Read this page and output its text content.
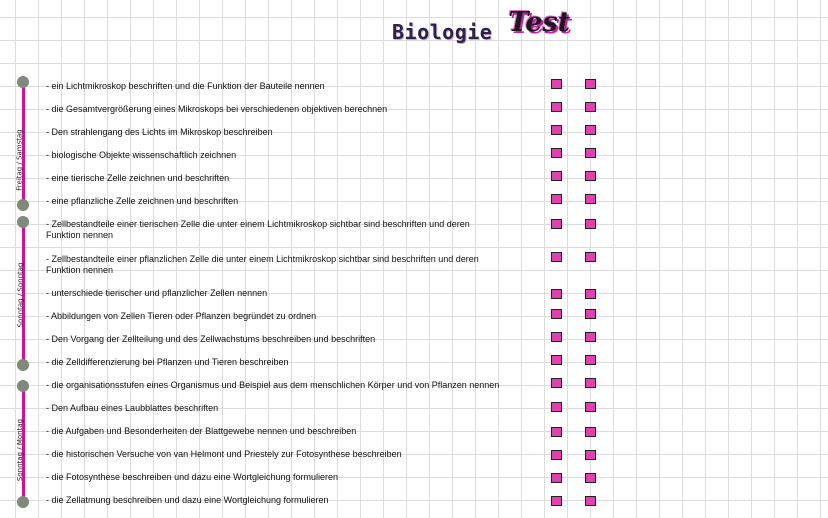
Biologie Test
Freitag / Samstag
Sonntag / Sonntag
Sonntag / Montag
- ein Lichtmikroskop beschriften und die Funktion der Bauteile nennen
- die Gesamtvergrößerung eines Mikroskops bei verschiedenen objektiven berechnen
- Den strahlengang des Lichts im Mikroskop beschreiben
- biologische Objekte wissenschaftlich zeichnen
- eine tierische Zelle zeichnen und beschriften
- eine pflanzliche Zelle zeichnen und beschriften
- Zellbestandteile einer tierischen Zelle die unter einem Lichtmikroskop sichtbar sind beschriften und deren Funktion nennen
- Zellbestandteile einer pflanzlichen Zelle die unter einem Lichtmikroskop sichtbar sind beschriften und deren Funktion nennen
- unterschiede tierischer und pflanzlicher Zellen nennen
- Abbildungen von Zellen Tieren oder Pflanzen begründet zu ordnen
- Den Vorgang der Zellteilung und des Zellwachstums beschreiben und beschriften
- die Zelldifferenzierung bei Pflanzen und Tieren beschreiben
- die organisationsstufen eines Organismus und Beispiel aus dem menschlichen Körper und von Pflanzen nennen
- Den Aufbau eines Laubblattes beschriften
- die Aufgaben und Besonderheiten der Blattgewebe nennen und beschreiben
- die historischen Versuche von van Helmont und Priestely zur Fotosynthese beschreiben
- die Fotosynthese beschreiben und dazu eine Wortgleichung formulieren
- die Zellatmung beschreiben und dazu eine Wortgleichung formulieren
